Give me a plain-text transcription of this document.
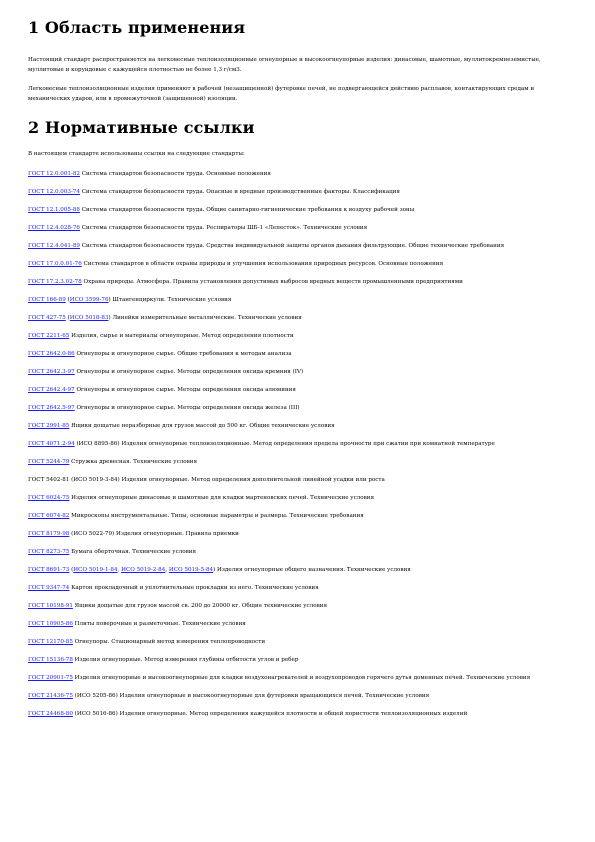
1 Область применения

Настоящий стандарт распространяется на легковесные теплоизоляционные огнеупорные и высокоогнеупорные изделия: динасовые, шамотные, муллитокремнеземистые, муллитовые и корундовые с кажущейся плотностью не более 1,3 г/см3.

Легковесные теплоизоляционные изделия применяют в рабочей (незащищенной) футеровке печей, не подвергающейся действию расплавов, контактирующих средам и механических ударов, или в промежуточной (защищенной) изоляции.

2 Нормативные ссылки

В настоящем стандарте использованы ссылки на следующие стандарты:

ГОСТ 12.0.001-82 Система стандартов безопасности труда. Основные положения

ГОСТ 12.0.003-74 Система стандартов безопасности труда. Опасные и вредные производственные факторы. Классификация

ГОСТ 12.1.005-88 Система стандартов безопасности труда. Общие санитарно-гигиенические требования к воздуху рабочей зоны

ГОСТ 12.4.028-76 Система стандартов безопасности труда. Респираторы ШБ-1 «Лепесток». Технические условия

ГОСТ 12.4.041-89 Система стандартов безопасности труда. Средства индивидуальной защиты органов дыхания фильтрующие. Общие технические требования

ГОСТ 17.0.0.01-76 Система стандартов в области охраны природы и улучшения использования природных ресурсов. Основные положения

ГОСТ 17.2.3.02-78 Охрана природы. Атмосфера. Правила установления допустимых выбросов вредных веществ промышленными предприятиями

ГОСТ 166-89 (ИСО 3599-76) Штангенциркули. Технические условия

ГОСТ 427-75 (ИСО 5018-83) Линейки измерительные металлические. Технические условия

ГОСТ 2211-65 Изделия, сырье и материалы огнеупорные. Метод определения плотности

ГОСТ 2642.0-86 Огнеупоры и огнеупорное сырье. Общие требования к методам анализа

ГОСТ 2642.3-97 Огнеупоры и огнеупорное сырье. Методы определения оксида кремния (IV)

ГОСТ 2642.4-97 Огнеупоры и огнеупорное сырье. Методы определения оксида алюминия

ГОСТ 2642.5-97 Огнеупоры и огнеупорное сырье. Методы определения оксида железа (III)

ГОСТ 2991-85 Ящики дощатые неразборные для грузов массой до 500 кг. Общие технические условия

ГОСТ 4071.2-94 (ИСО 8895-86) Изделия огнеупорные теплоизоляционные. Метод определения предела прочности при сжатии при комнатной температуре

ГОСТ 5244-79 Стружка древесная. Технические условия

ГОСТ 5402-81 (ИСО 5019-3-84) Изделия огнеупорные. Метод определения дополнительной линейной усадки или роста

ГОСТ 6024-75 Изделия огнеупорные динасовые и шамотные для кладки мартеновских печей. Технические условия

ГОСТ 6074-82 Микроскопы инструментальные. Типы, основные параметры и размеры. Технические требования

ГОСТ 8179-98 (ИСО 5022-79) Изделия огнеупорные. Правила приемки

ГОСТ 8273-75 Бумага оберточная. Технические условия

ГОСТ 8691-73 (ИСО 5019-1-84, ИСО 5019-2-84, ИСО 5019-5-84) Изделия огнеупорные общего назначения. Технические условия

ГОСТ 9347-74 Картон прокладочный и уплотнительные прокладки из него. Технические условия

ГОСТ 10198-91 Ящики дощатые для грузов массой св. 200 до 20000 кг. Общие технические условия

ГОСТ 10905-86 Плиты поверочные и разметочные. Технические условия

ГОСТ 12170-85 Огнеупоры. Стационарный метод измерения теплопроводности

ГОСТ 15136-78 Изделия огнеупорные. Метод измерения глубины отбитости углов и ребер

ГОСТ 20901-75 Изделия огнеупорные и высокоогнеупорные для кладки воздухонагревателей и воздухопроводов горячего дутья доменных печей. Технические условия

ГОСТ 21436-75 (ИСО 5205-86) Изделия огнеупорные и высокоогнеупорные для футеровки вращающихся печей. Технические условия

ГОСТ 24468-80 (ИСО 5016-86) Изделия огнеупорные. Метод определения кажущейся плотности и общей пористости теплоизоляционных изделий
